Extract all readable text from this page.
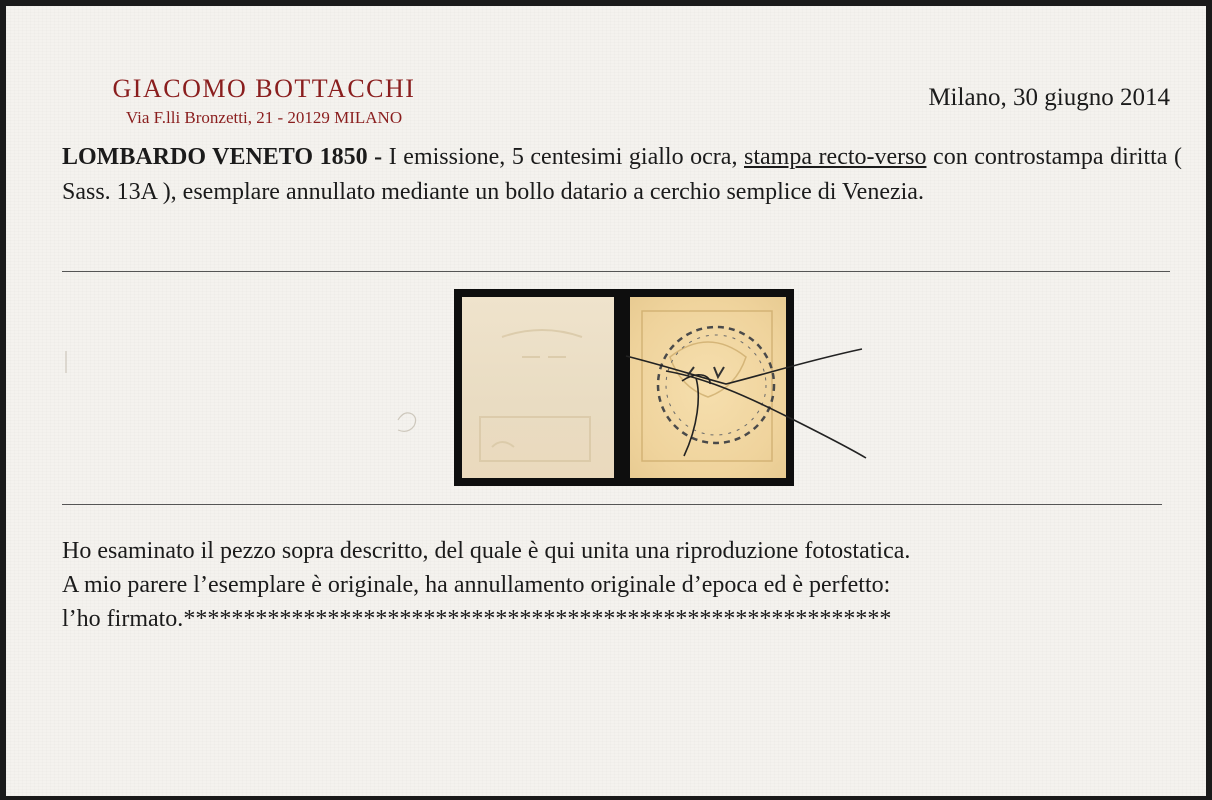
GIACOMO BOTTACCHI
Via F.lli Bronzetti, 21 - 20129 MILANO
Milano, 30 giugno 2014
LOMBARDO VENETO 1850 - I emissione, 5 centesimi giallo ocra, stampa recto-verso con controstampa diritta ( Sass. 13A ), esemplare annullato mediante un bollo datario a cerchio semplice di Venezia.
Ho esaminato il pezzo sopra descritto, del quale è qui unita una riproduzione fotostatica.
A mio parere l’esemplare è originale, ha annullamento originale d’epoca ed è perfetto:
l’ho firmato.***********************************************************
